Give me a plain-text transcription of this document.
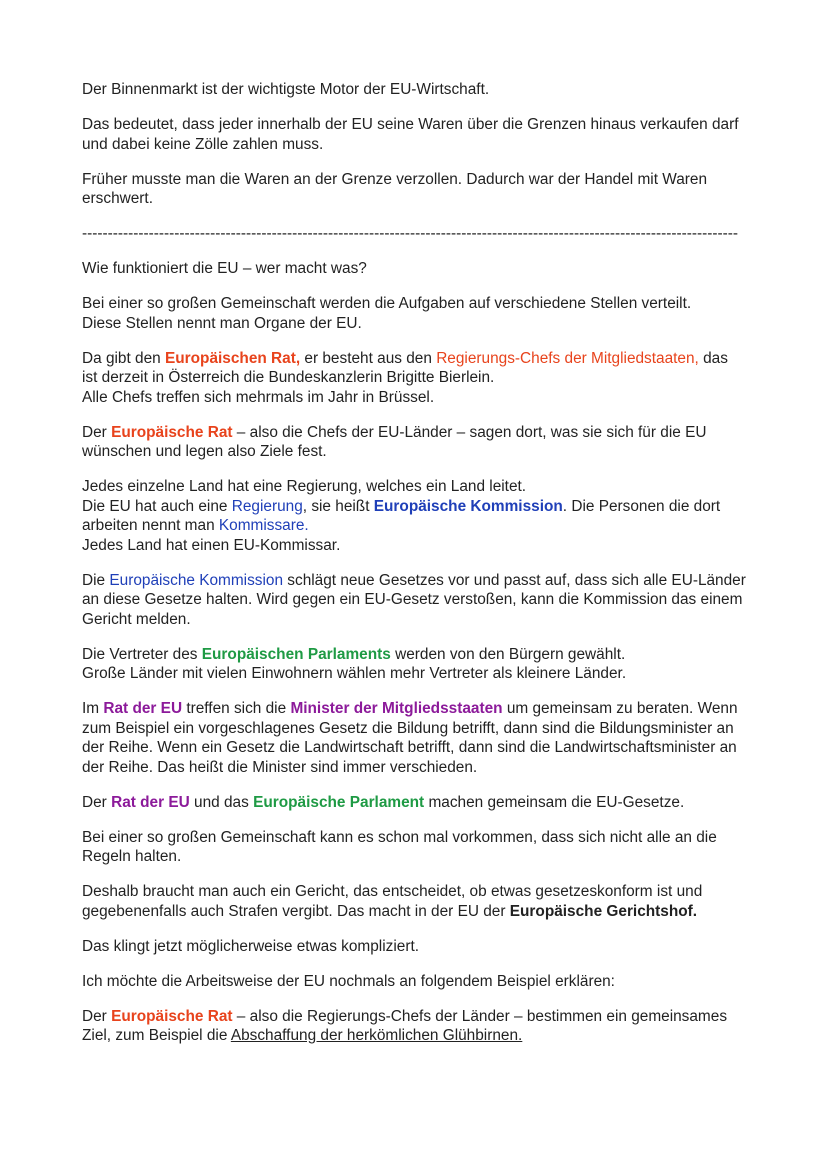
Der Binnenmarkt ist der wichtigste Motor der EU-Wirtschaft.

Das bedeutet, dass jeder innerhalb der EU seine Waren über die Grenzen hinaus verkaufen darf und dabei keine Zölle zahlen muss.

Früher musste man die Waren an der Grenze verzollen. Dadurch war der Handel mit Waren erschwert.

--------------------------------------------------------------------------------------------------------------------------------

Wie funktioniert die EU – wer macht was?

Bei einer so großen Gemeinschaft werden die Aufgaben auf verschiedene Stellen verteilt.
Diese Stellen nennt man Organe der EU.

Da gibt den Europäischen Rat, er besteht aus den Regierungs-Chefs der Mitgliedstaaten, das ist derzeit in Österreich die Bundeskanzlerin Brigitte Bierlein.
Alle Chefs treffen sich mehrmals im Jahr in Brüssel.

Der Europäische Rat – also die Chefs der EU-Länder – sagen dort, was sie sich für die EU wünschen und legen also Ziele fest.

Jedes einzelne Land hat eine Regierung, welches ein Land leitet.
Die EU hat auch eine Regierung, sie heißt Europäische Kommission. Die Personen die dort arbeiten nennt man Kommissare.
Jedes Land hat einen EU-Kommissar.

Die Europäische Kommission schlägt neue Gesetzes vor und passt auf, dass sich alle EU-Länder an diese Gesetze halten. Wird gegen ein EU-Gesetz verstoßen, kann die Kommission das einem Gericht melden.

Die Vertreter des Europäischen Parlaments werden von den Bürgern gewählt.
Große Länder mit vielen Einwohnern wählen mehr Vertreter als kleinere Länder.

Im Rat der EU treffen sich die Minister der Mitgliedsstaaten um gemeinsam zu beraten. Wenn zum Beispiel ein vorgeschlagenes Gesetz die Bildung betrifft, dann sind die Bildungsminister an der Reihe. Wenn ein Gesetz die Landwirtschaft betrifft, dann sind die Landwirtschaftsminister an der Reihe. Das heißt die Minister sind immer verschieden.

Der Rat der EU und das Europäische Parlament machen gemeinsam die EU-Gesetze.

Bei einer so großen Gemeinschaft kann es schon mal vorkommen, dass sich nicht alle an die Regeln halten.

Deshalb braucht man auch ein Gericht, das entscheidet, ob etwas gesetzeskonform ist und gegebenenfalls auch Strafen vergibt. Das macht in der EU der Europäische Gerichtshof.

Das klingt jetzt möglicherweise etwas kompliziert.

Ich möchte die Arbeitsweise der EU nochmals an folgendem Beispiel erklären:

Der Europäische Rat – also die Regierungs-Chefs der Länder – bestimmen ein gemeinsames Ziel, zum Beispiel die Abschaffung der herkömlichen Glühbirnen.
